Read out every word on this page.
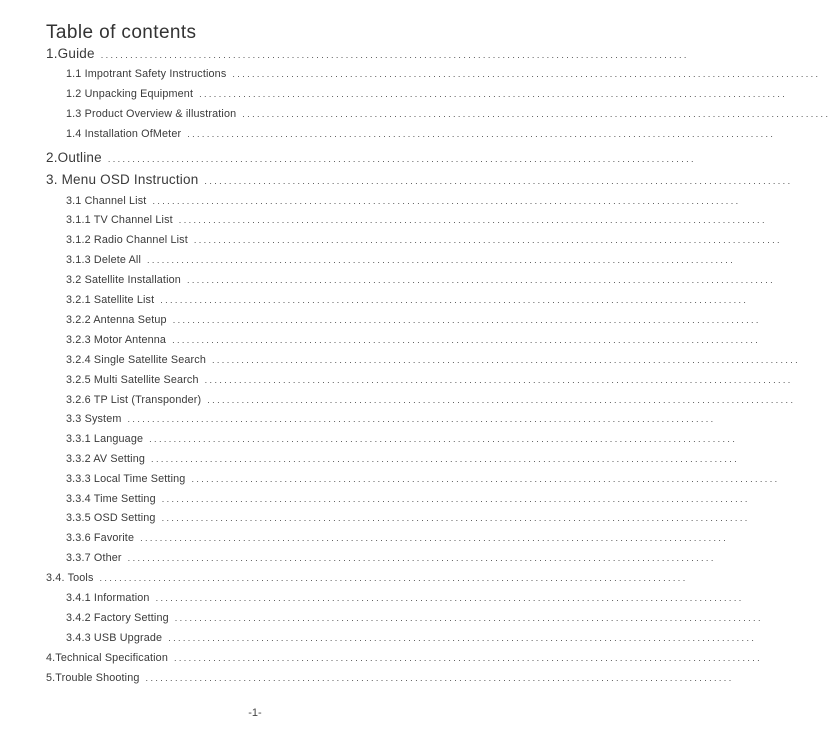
Table of contents
1.Guide ........................................................................................................................
1.1 Impotrant Safety Instructions ........................................................................................................................
1.2 Unpacking Equipment ........................................................................................................................
1.3 Product Overview & illustration ........................................................................................................................
1.4 Installation OfMeter ........................................................................................................................
2.Outline ........................................................................................................................
3. Menu OSD Instruction ........................................................................................................................
3.1 Channel List ........................................................................................................................
3.1.1 TV Channel List ........................................................................................................................
3.1.2 Radio Channel List ........................................................................................................................
3.1.3 Delete All ........................................................................................................................
3.2 Satellite Installation ........................................................................................................................
3.2.1 Satellite List ........................................................................................................................
3.2.2 Antenna Setup ........................................................................................................................
3.2.3 Motor Antenna ........................................................................................................................
3.2.4 Single Satellite Search ........................................................................................................................
3.2.5 Multi Satellite Search ........................................................................................................................
3.2.6 TP List (Transponder) ........................................................................................................................
3.3 System ........................................................................................................................
3.3.1 Language ........................................................................................................................
3.3.2 AV Setting ........................................................................................................................
3.3.3 Local Time Setting ........................................................................................................................
3.3.4 Time Setting ........................................................................................................................
3.3.5 OSD Setting ........................................................................................................................
3.3.6 Favorite ........................................................................................................................
3.3.7 Other ........................................................................................................................
3.4. Tools ........................................................................................................................
3.4.1 Information ........................................................................................................................
3.4.2 Factory Setting ........................................................................................................................
3.4.3 USB Upgrade ........................................................................................................................
4.Technical Specification ........................................................................................................................
5.Trouble Shooting ........................................................................................................................
-1-
